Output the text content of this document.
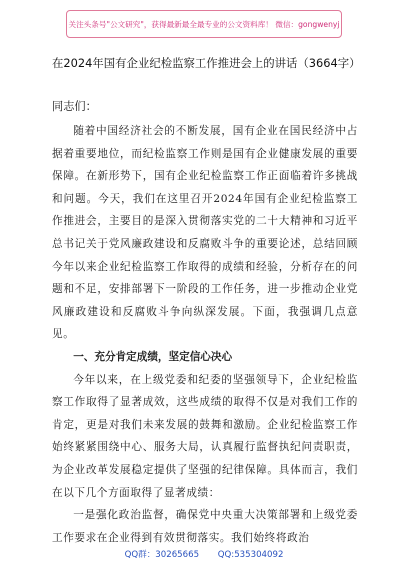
关注头条号"公文研究"，获得最新最全最专业的公文资料库！ 微信：gongwenyj
在2024年国有企业纪检监察工作推进会上的讲话（3664字）
同志们：

随着中国经济社会的不断发展，国有企业在国民经济中占据着重要地位，而纪检监察工作则是国有企业健康发展的重要保障。在新形势下，国有企业纪检监察工作正面临着许多挑战和问题。今天，我们在这里召开2024年国有企业纪检监察工作推进会，主要目的是深入贯彻落实党的二十大精神和习近平总书记关于党风廉政建设和反腐败斗争的重要论述，总结回顾今年以来企业纪检监察工作取得的成绩和经验，分析存在的问题和不足，安排部署下一阶段的工作任务，进一步推动企业党风廉政建设和反腐败斗争向纵深发展。下面，我强调几点意见。

一、充分肯定成绩，坚定信心决心

今年以来，在上级党委和纪委的坚强领导下，企业纪检监察工作取得了显著成效，这些成绩的取得不仅是对我们工作的肯定，更是对我们未来发展的鼓舞和激励。企业纪检监察工作始终紧紧围绕中心、服务大局，认真履行监督执纪问责职责，为企业改革发展稳定提供了坚强的纪律保障。具体而言，我们在以下几个方面取得了显著成绩：

一是强化政治监督，确保党中央重大决策部署和上级党委工作要求在企业得到有效贯彻落实。我们始终将政治

QQ群：30265665 QQ:535304092
